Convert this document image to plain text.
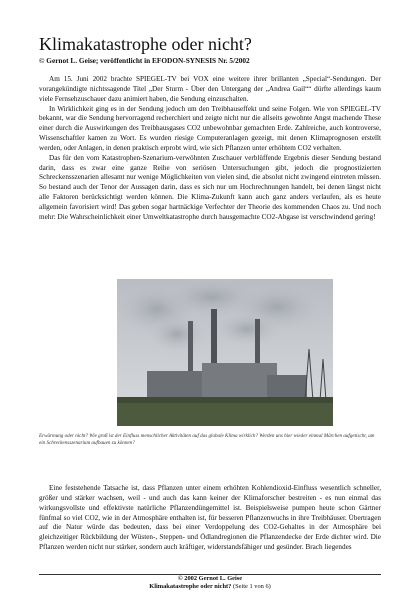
Klimakatastrophe oder nicht?
© Gernot L. Geise; veröffentlicht in EFODON-SYNESIS Nr. 5/2002
Am 15. Juni 2002 brachte SPIEGEL-TV bei VOX eine weitere ihrer brillanten „Special“-Sendungen. Der vorangekündigte nichtssagende Titel „Der Sturm - Über den Untergang der „Andrea Gail““ dürfte allerdings kaum viele Fernsehzuschauer dazu animiert haben, die Sendung einzuschalten.
In Wirklichkeit ging es in der Sendung jedoch um den Treibhauseffekt und seine Folgen. Wie von SPIEGEL-TV bekannt, war die Sendung hervorragend recherchiert und zeigte nicht nur die allseits gewohnte Angst machende These einer durch die Auswirkungen des Treibhausgases CO2 unbewohnbar gemachten Erde. Zahlreiche, auch kontroverse, Wissenschaftler kamen zu Wort. Es wurden riesige Computeranlagen gezeigt, mit denen Klimaprognosen erstellt werden, oder Anlagen, in denen praktisch erprobt wird, wie sich Pflanzen unter erhöhtem CO2 verhalten.
Das für den vom Katastrophen-Szenarium-verwöhnten Zuschauer verblüffende Ergebnis dieser Sendung bestand darin, dass es zwar eine ganze Reihe von seriösen Untersuchungen gibt, jedoch die prognostizierten Schreckensszenarien allesamt nur wenige Möglichkeiten von vielen sind, die absolut nicht zwingend eintreten müssen. So bestand auch der Tenor der Aussagen darin, dass es sich nur um Hochrechnungen handelt, bei denen längst nicht alle Faktoren berücksichtigt werden können. Die Klima-Zukunft kann auch ganz anders verlaufen, als es heute allgemein favorisiert wird! Das geben sogar hartnäckige Verfechter der Theorie des kommenden Chaos zu. Und noch mehr: Die Wahrscheinlichkeit einer Umweltkatastrophe durch hausgemachte CO2-Abgase ist verschwindend gering!

Erwärmung oder nicht? Wie groß ist der Einfluss menschlicher Aktivitäten auf das globale Klima wirklich? Werden uns hier wieder einmal Märchen aufgetischt, um ein Schreckensszenarium aufbauen zu können?

Eine feststehende Tatsache ist, dass Pflanzen unter einem erhöhten Kohlendioxid-Einfluss wesentlich schneller, größer und stärker wachsen, weil - und auch das kann keiner der Klimaforscher bestreiten - es nun einmal das wirkungsvollste und effektivste natürliche Pflanzendüngemittel ist. Beispielsweise pumpen heute schon Gärtner fünfmal so viel CO2, wie in der Atmosphäre enthalten ist, für besseren Pflanzenwuchs in ihre Treibhäuser. Übertragen auf die Natur würde das bedeuten, dass bei einer Verdoppelung des CO2-Gehaltes in der Atmosphäre bei gleichzeitiger Rückbildung der Wüsten-, Steppen- und Ödlandregionen die Pflanzendecke der Erde dichter wird. Die Pflanzen werden nicht nur stärker, sondern auch kräftiger, widerstandsfähiger und gesünder. Brach liegendes
© 2002 Gernot L. Geise
Klimakatastrophe oder nicht? (Seite 1 von 6)
